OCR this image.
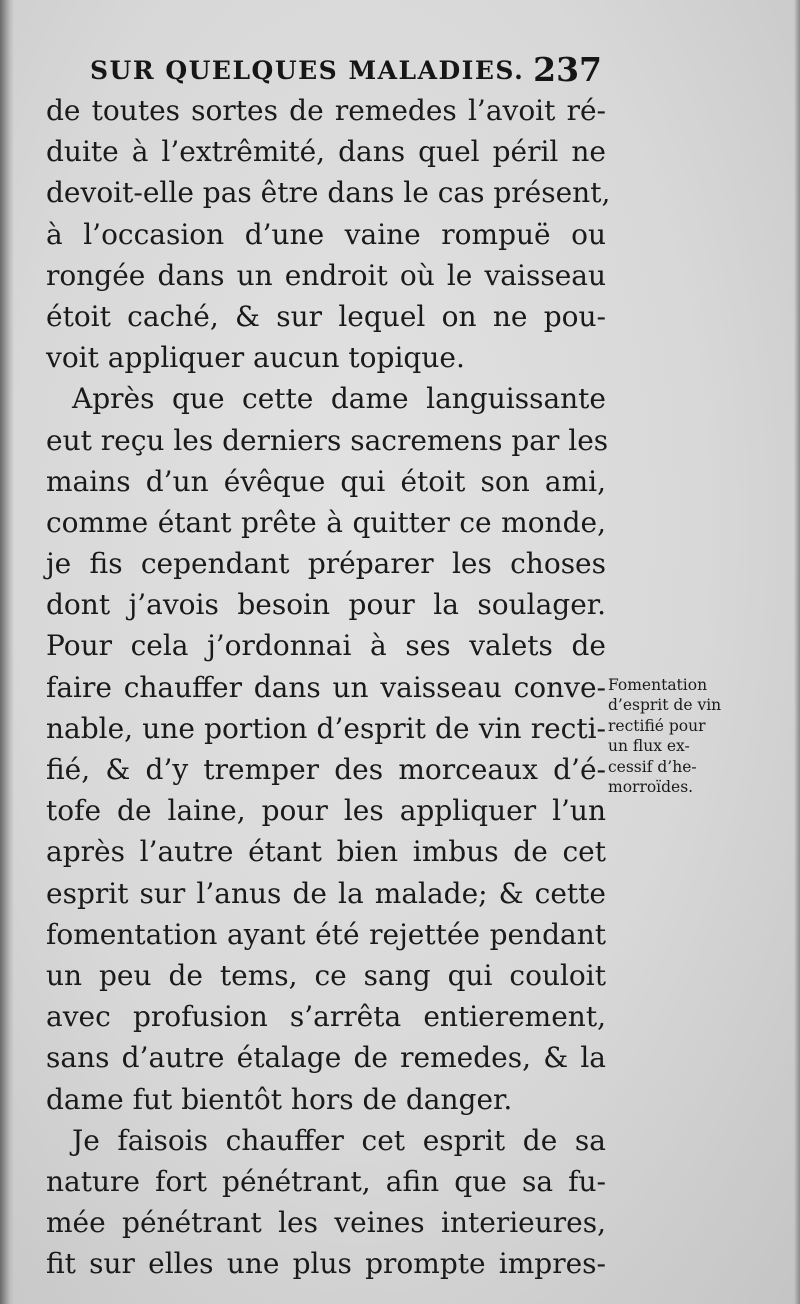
SUR QUELQUES MALADIES. 237
de toutes sortes de remedes l’avoit ré-
duite à l’extrêmité, dans quel péril ne
devoit-elle pas être dans le cas présent,
à l’occasion d’une vaine rompuë ou
rongée dans un endroit où le vaisseau
étoit caché, & sur lequel on ne pou-
voit appliquer aucun topique.
Après que cette dame languissante
eut reçu les derniers sacremens par les
mains d’un évêque qui étoit son ami,
comme étant prête à quitter ce monde,
je fis cependant préparer les choses
dont j’avois besoin pour la soulager.
Pour cela j’ordonnai à ses valets de
faire chauffer dans un vaisseau conve-
nable, une portion d’esprit de vin recti-
fié, & d’y tremper des morceaux d’é-
tofe de laine, pour les appliquer l’un
après l’autre étant bien imbus de cet
esprit sur l’anus de la malade; & cette
fomentation ayant été rejettée pendant
un peu de tems, ce sang qui couloit
avec profusion s’arrêta entierement,
sans d’autre étalage de remedes, & la
dame fut bientôt hors de danger.
Je faisois chauffer cet esprit de sa
nature fort pénétrant, afin que sa fu-
mée pénétrant les veines interieures,
fit sur elles une plus prompte impres-
Fomentation
d’esprit de vin
rectifié pour
un flux ex-
cessif d’he-
morroïdes.
